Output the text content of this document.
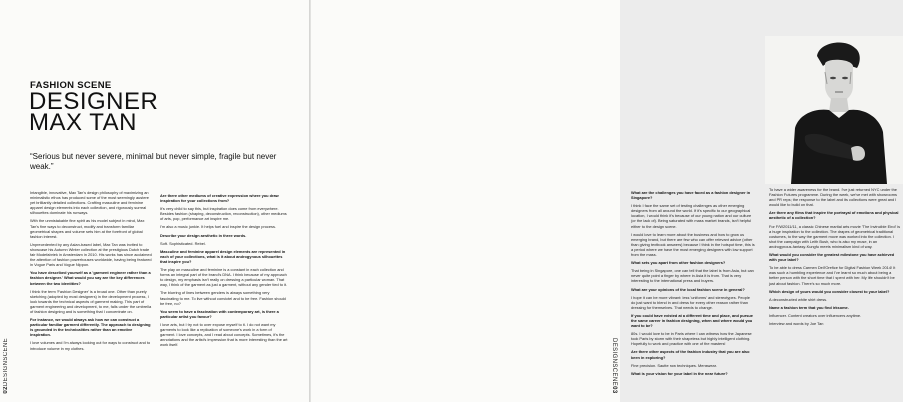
02DESIGNSCENE
FASHION SCENE
DESIGNER
MAX TAN

“Serious but never severe, minimal but never simple, fragile but never weak.”

Intangible, innovative, Max Tan's design philosophy of maximizing an minimalistic ethos has produced some of the most seemingly austere yet brilliantly detailed collections. Crafting masculine and feminine apparel design elements into each collection, and rigorously surreal silhouettes dominate his runways.

With the unmistakable fine spirit as his model subject in mind, Max Tan's fine ways to deconstruct, modify and transform familiar geometrical shapes and volume sets him at the forefront of global fashion interest.

Unprecedented by any Asian-based label, Max Tan was invited to showcase his Autumn Winter collection at the prestigious Dutch trade fair Modefabriek in Amsterdam in 2010. His works has since acclaimed the attention of fashion powerhouses worldwide, having being featured in Vogue Paris and Vogue Nippon.

You have described yourself as a 'garment engineer rather than a fashion designer.' What would you say are the key differences between the two identities?

I think the term 'Fashion Designer' is a broad one. Other than purely sketching (adopted by most designers) in the development process, I look towards the technical aspects of garment making. This part of garment engineering and development, to me, falls under the umbrella of fashion designing and is something that I concentrate on.

For instance, we would always ask how we can construct a particular familiar garment differently. The approach to designing is grounded in the technicalities rather than an emotive inspiration.

I love volumes and I'm always looking out for ways to construct and to introduce volume in my clothes.

Are there other mediums of creative expression where you draw inspiration for your collections from?

It's very child to say this, but inspiration does come from everywhere. Besides fashion (shaping, deconstruction, reconstruction), other mediums of arts, pop, performance art inspire me.

I'm also a music junkie. It helps fuel and inspire the design process.

Describe your design aesthetic in three words.

Soft. Sophisticated. Rebel.

Masculine and feminine apparel design elements are represented in each of your collections, what is it about androgynous silhouettes that inspire you?

The play on masculine and feminine is a constant in each collection and forms an integral part of the brand's DNA. I think because of my approach to design, my emphasis isn't really on dressing a particular woman. That way, I think of the garment as just a garment, without any gender tied to it.

The blurring of lines between genders is always something very fascinating to me. To live without convictel and to be free. Fashion should be free, no?

You seem to have a fascination with contemporary art, is there a particular artist you favour?

I love arts, but I try not to over expose myself to it. I do not want my garments to look like a replication of someone's work in a form of garment. I love concepts, and I read about concepts. Sometimes, it's the annotations and the artist's impression that is more interesting than the art work itself.

What are the challenges you have faced as a fashion designer in Singapore?

I think I face the same set of testing challenges as other emerging designers from all around the world. If it's specific to our geographical location, I would think it's because of our young nation and our culture (or the lack of). Being saturated with mass market brands, isn't helpful either to the design scene.

I would love to learn more about the business and how to grow us emerging brand, but there are few who can offer relevant advice (other than giving textbook answers) because I think in the hotspot time, this is a period where we have the most emerging designers with low support from the mass.

What sets you apart from other fashion designers?

That being in Singapore, one can tell that the label is from Asia, but can never quite point a finger by where in Asia it is from. That is very interesting to the international press and buyers.

What are your opinions of the local fashion scene in general?

I hope it can be more vibrant: less 'uniforms' and stereotypes. People do just want to blend in and dress for every other reason rather than dressing for themselves. That needs to change.

If you could have existed at a different time and place, and pursue the same career in fashion designing, when and where would you want to be?

80s. I would love to be in Paris where I can witness how the Japanese took Paris by storm with their shapeless but highly intelligent clothing. Hopefully to work and practice with one of the masters!

Are there other aspects of the fashion industry that you are also keen in exploring?

Fine precision. Sautte row techniques. Menswear.

What is your vision for your label in the near future?

To have a wider awareness for the brand. I've just returned NYC under the Fashion Futures programme. During the week, we've met with showrooms and PR reps; the response to the label and its collections were great and I would like to build on that.

Are there any films that inspire the portrayal of emotions and physical aesthetic of a collection?

For F/W2011/11, a classic Chinese martial arts movie 'The Invincible Eirol' is a huge inspiration to the collection. The drapes of geometrical traditional costumes, to the way the garment move was worked into the collection. I shot the campaign with Leith Bush, who is also my muse, in an androgynous-fantasy-Kungfu meets minimalism kind of way.

What would you consider the greatest milestone you have achieved with your label?

To be able to dress Carmen Dell'Orefice for Digital Fashion Week 2014! It was such a humbling experience and I've learnt so much about being a better person with the short time that I spent with her. My life shouldn't be just about fashion. There's so much more.

Which design of yours would you consider closest to your label?

A deconstructed white shirt dress.

Name a fashion term that you find irksome.

Influencer. Content creators over influencers anytime.

Interview and words by Joe Tan

DESIGNSCENE03
